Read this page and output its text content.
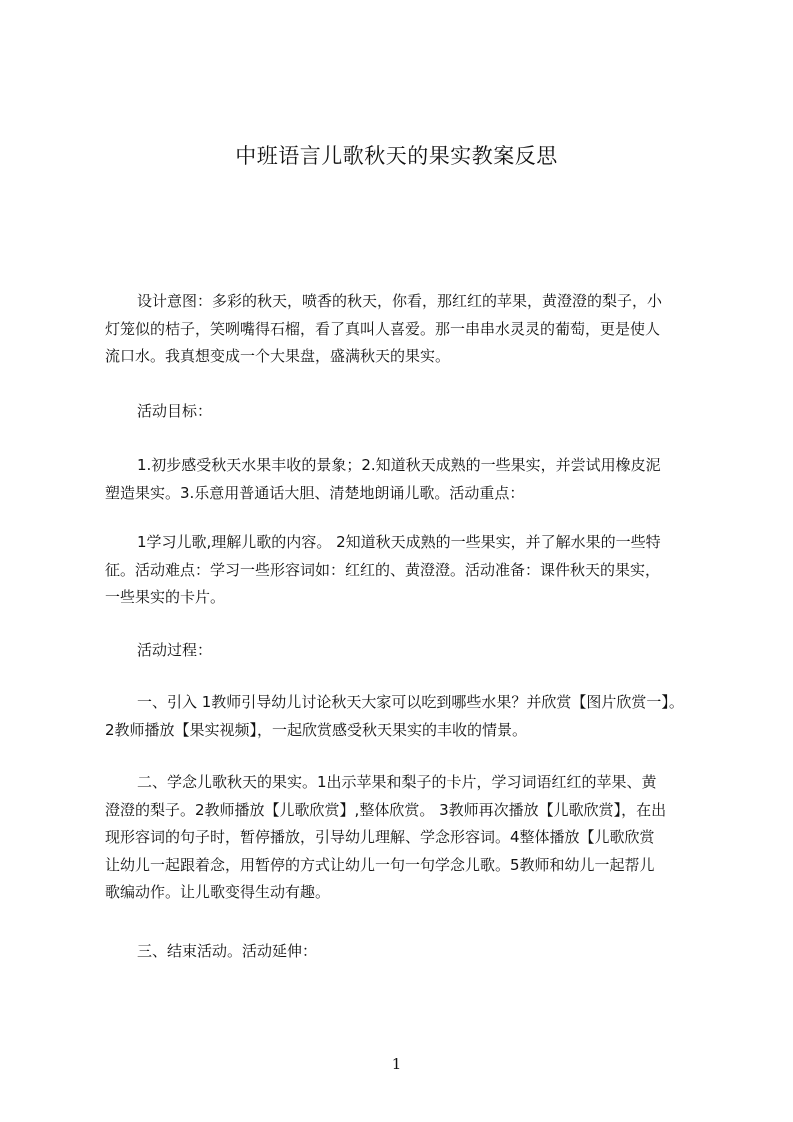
中班语言儿歌秋天的果实教案反思
设计意图：多彩的秋天，喷香的秋天，你看，那红红的苹果，黄澄澄的梨子，小
灯笼似的桔子，笑咧嘴得石榴，看了真叫人喜爱。那一串串水灵灵的葡萄，更是使人
流口水。我真想变成一个大果盘，盛满秋天的果实。
活动目标：
1.初步感受秋天水果丰收的景象；2.知道秋天成熟的一些果实，并尝试用橡皮泥
塑造果实。3.乐意用普通话大胆、清楚地朗诵儿歌。活动重点：
1学习儿歌,理解儿歌的内容。 2知道秋天成熟的一些果实，并了解水果的一些特
征。活动难点：学习一些形容词如：红红的、黄澄澄。活动准备：课件秋天的果实，
一些果实的卡片。
活动过程：
一、引入 1教师引导幼儿讨论秋天大家可以吃到哪些水果？并欣赏【图片欣赏一】。
2教师播放【果实视频】，一起欣赏感受秋天果实的丰收的情景。
二、学念儿歌秋天的果实。1出示苹果和梨子的卡片，学习词语红红的苹果、黄
澄澄的梨子。2教师播放【儿歌欣赏】,整体欣赏。 3教师再次播放【儿歌欣赏】，在出
现形容词的句子时，暂停播放，引导幼儿理解、学念形容词。4整体播放【儿歌欣赏
让幼儿一起跟着念，用暂停的方式让幼儿一句一句学念儿歌。5教师和幼儿一起帮儿
歌编动作。让儿歌变得生动有趣。
三、结束活动。活动延伸：
1
